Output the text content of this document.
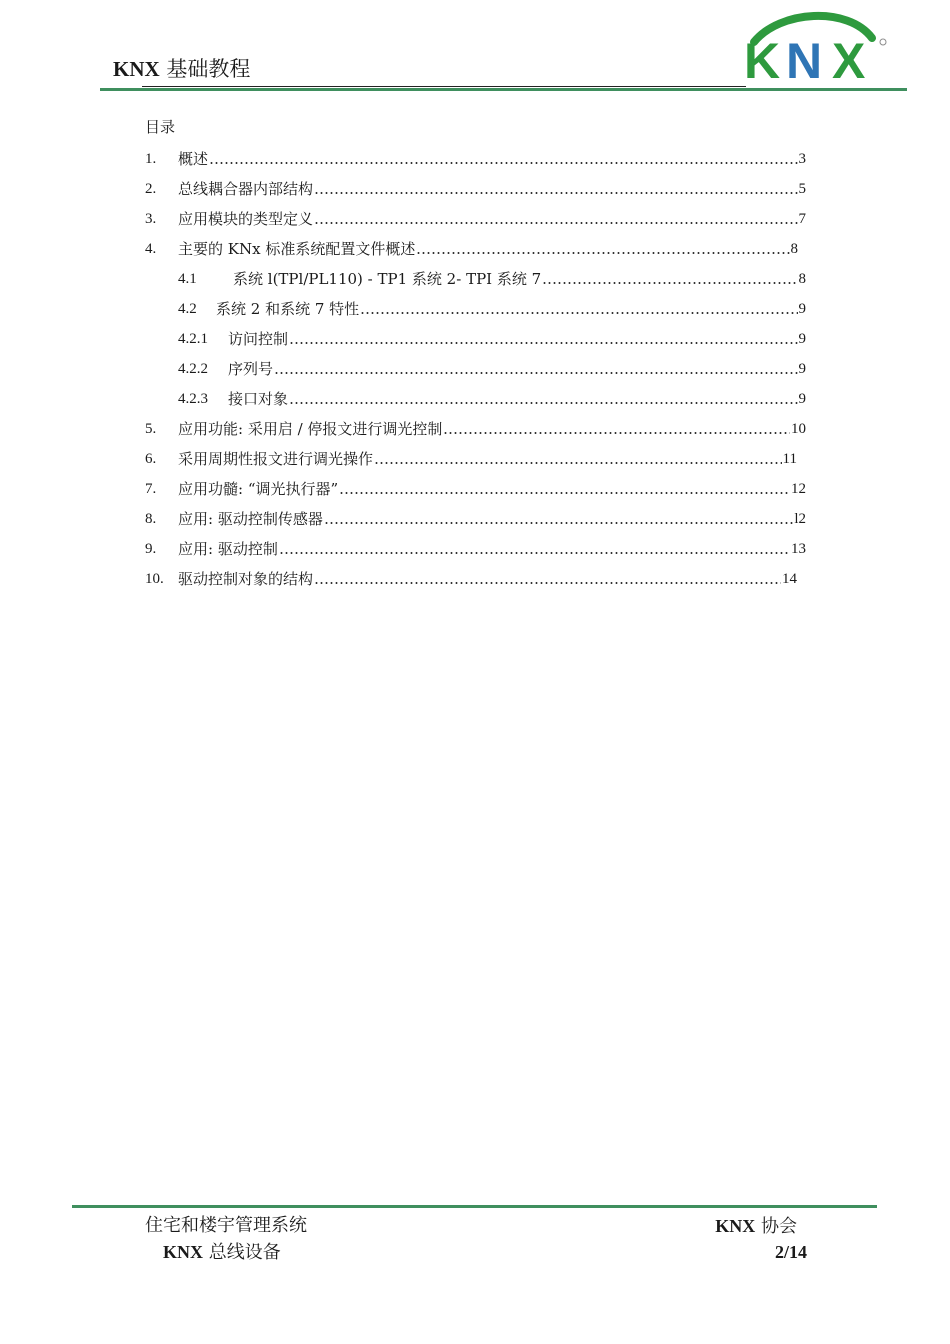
KNX 基础教程	K N X
目录
1.	概述	3
2.	总线耦合器内部结构	5
3.	应用模块的类型定义	7
4.	主要的 KNx 标准系统配置文件概述	8
4.1	系统 l(TPl/PL110) - TP1 系统 2- TPI 系统 7	8
4.2	系统 2 和系统 7 特性	9
4.2.1	访问控制	9
4.2.2	序列号	9
4.2.3	接口对象	9
5.	应用功能: 采用启 / 停报文进行调光控制	10
6.	采用周期性报文进行调光操作	11
7.	应用功髓: “调光执行器”	12
8.	应用: 驱动控制传感器	l2
9.	应用: 驱动控制	13
10. 驱动控制对象的结构	14
住宅和楼宇管理系统
KNX 总线设备
KNX 协会
2/14
